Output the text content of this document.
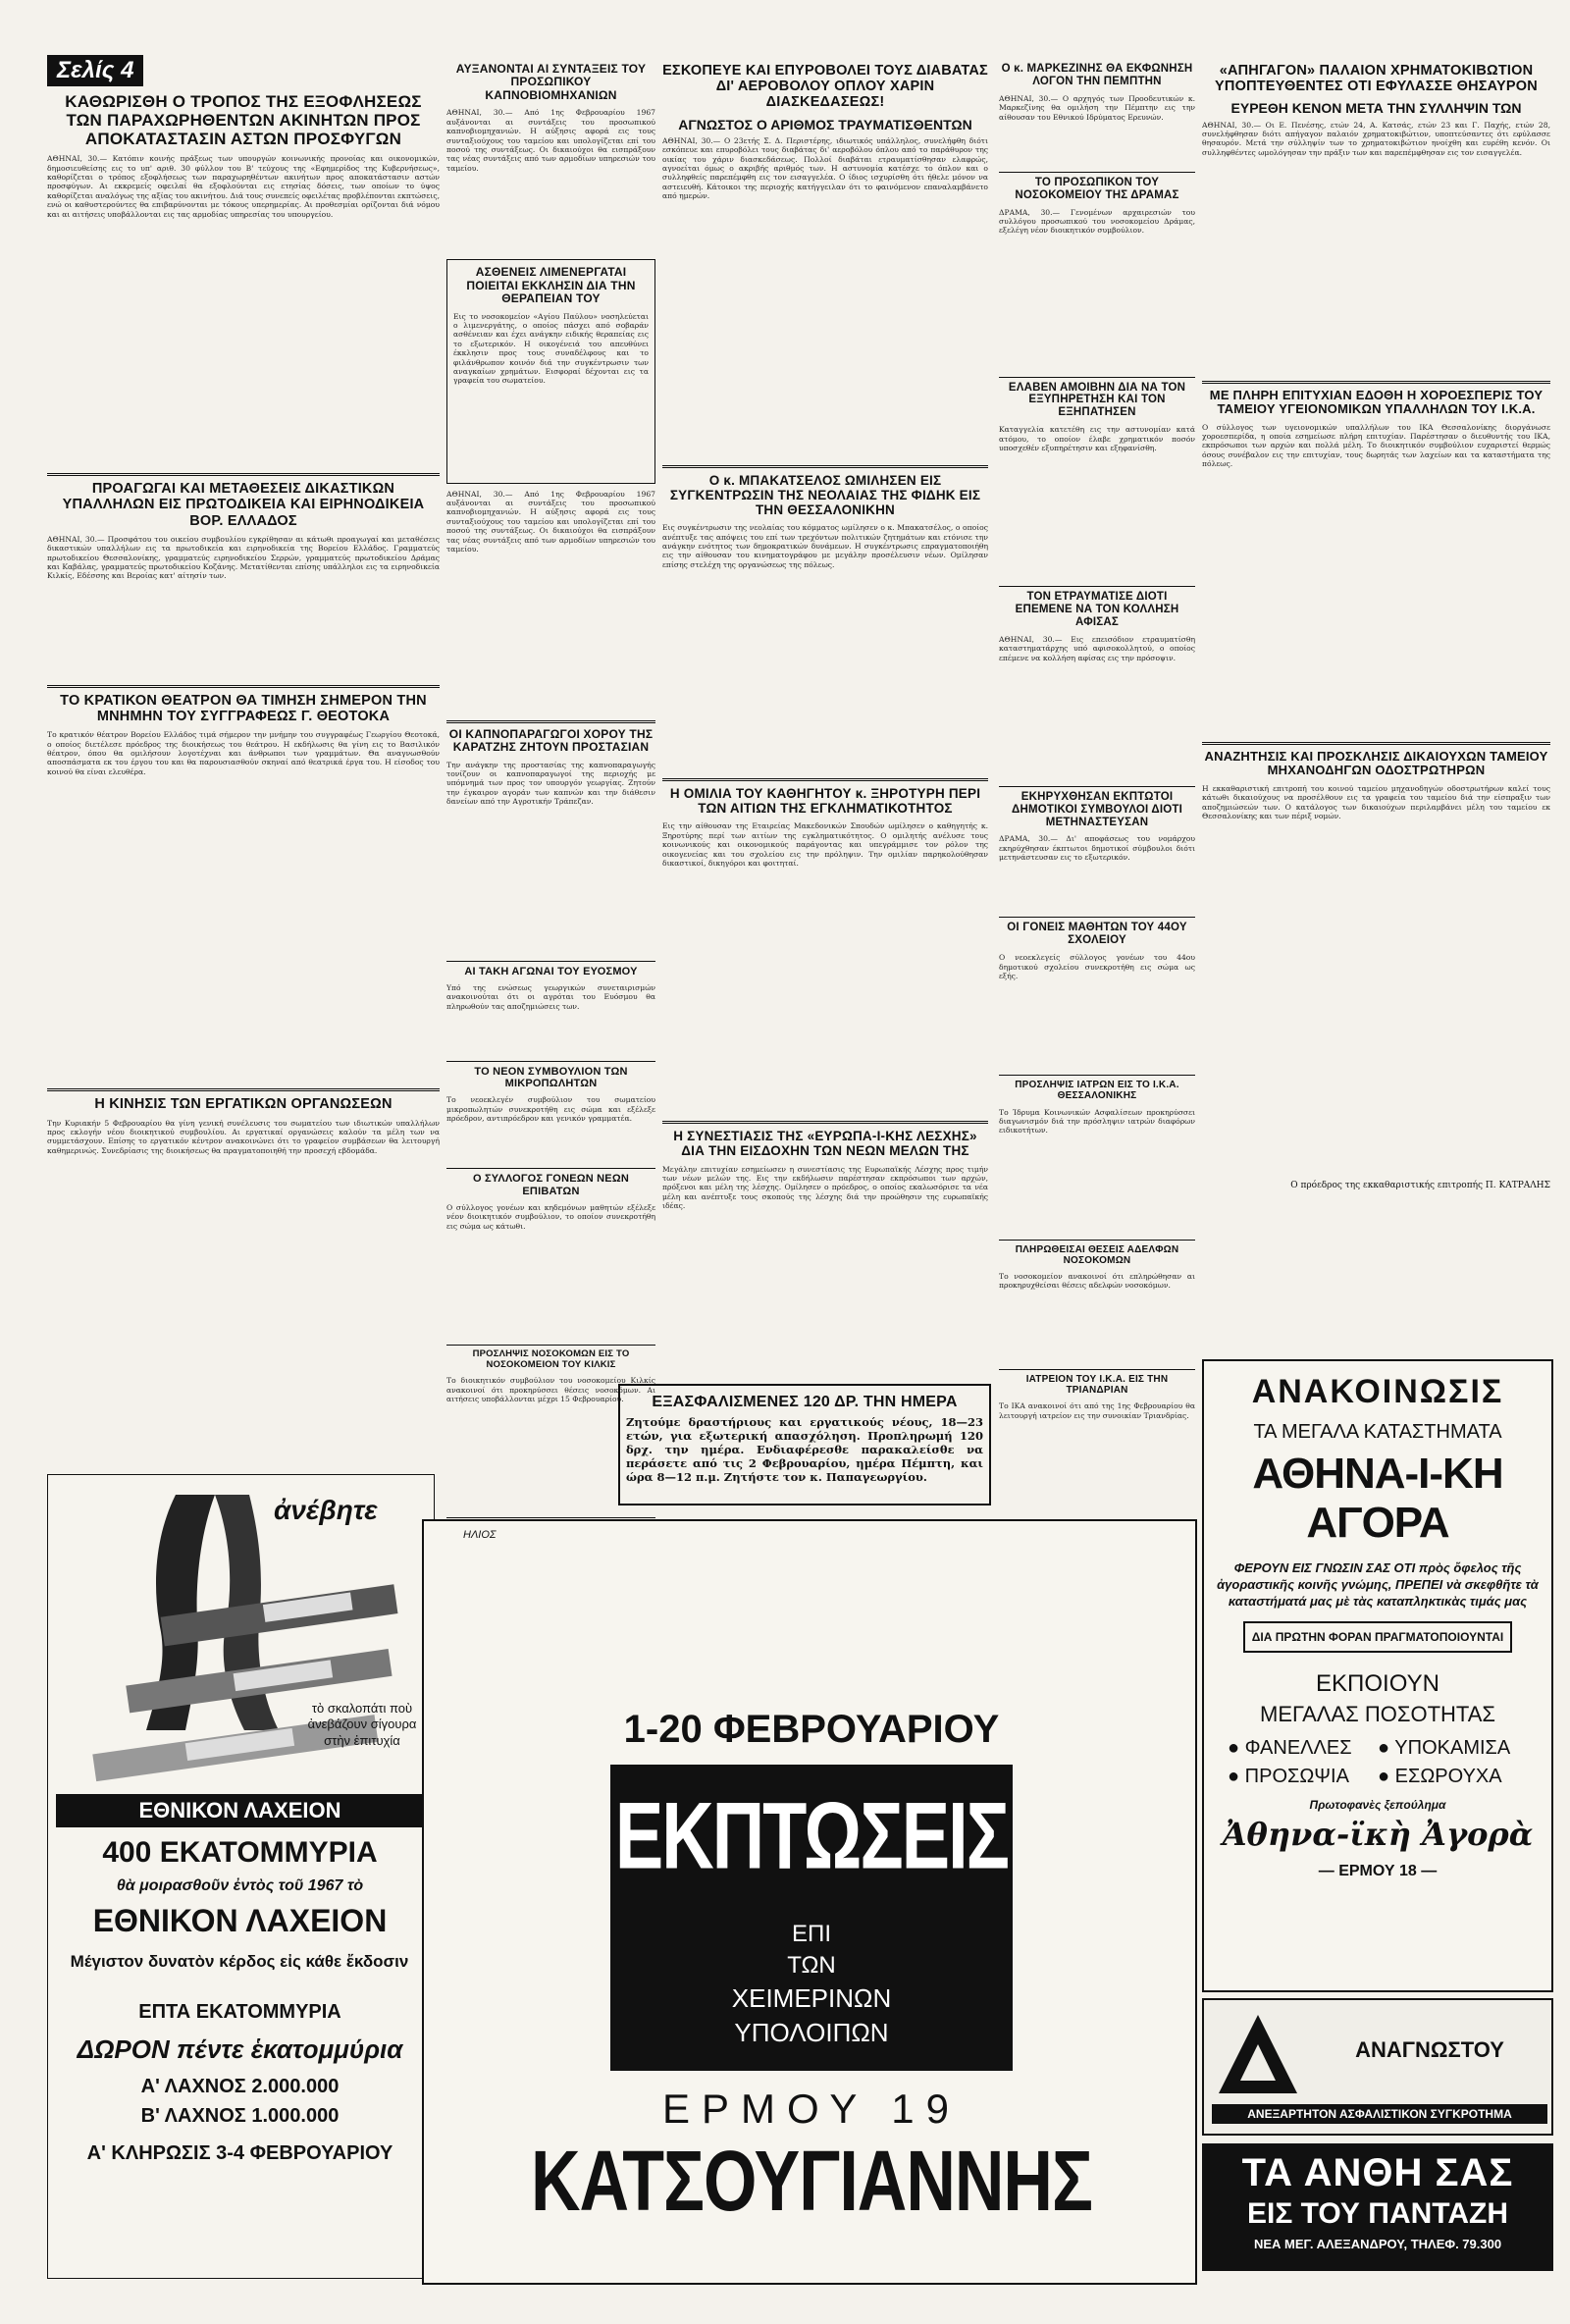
Σελίς 4
ΚΑΘΩΡΙΣΘΗ Ο ΤΡΟΠΟΣ ΤΗΣ ΕΞΟΦΛΗΣΕΩΣ ΤΩΝ ΠΑΡΑΧΩΡΗΘΕΝΤΩΝ ΑΚΙΝΗΤΩΝ ΠΡΟΣ ΑΠΟΚΑΤΑΣΤΑΣΙΝ ΑΣΤΩΝ ΠΡΟΣΦΥΓΩΝ
ΑΘΗΝΑΙ, 30.— Κατόπιν κοινής πράξεως των υπουργών κοινωνικής προνοίας και οικονομικών, δημοσιευθείσης εις το υπ' αριθ. 30 φύλλον του Β' τεύχους της «Εφημερίδος της Κυβερνήσεως», καθορίζεται ο τρόπος εξοφλήσεως των παραχωρηθέντων ακινήτων προς αποκατάστασιν αστών προσφύγων. Αι εκκρεμείς οφειλαί θα εξοφλούνται εις ετησίας δόσεις, των οποίων το ύψος καθορίζεται αναλόγως της αξίας του ακινήτου. Διά τους συνεπείς οφειλέτας προβλέπονται εκπτώσεις, ενώ οι καθυστερούντες θα επιβαρύνονται με τόκους υπερημερίας. Αι προθεσμίαι ορίζονται διά νόμου και αι αιτήσεις υποβάλλονται εις τας αρμοδίας υπηρεσίας του υπουργείου.
ΠΡΟΑΓΩΓΑΙ ΚΑΙ ΜΕΤΑΘΕΣΕΙΣ ΔΙΚΑΣΤΙΚΩΝ ΥΠΑΛΛΗΛΩΝ ΕΙΣ ΠΡΩΤΟΔΙΚΕΙΑ ΚΑΙ ΕΙΡΗΝΟΔΙΚΕΙΑ ΒΟΡ. ΕΛΛΑΔΟΣ
ΑΘΗΝΑΙ, 30.— Προσφάτου του οικείου συμβουλίου εγκρίθησαν αι κάτωθι προαγωγαί και μεταθέσεις δικαστικών υπαλλήλων εις τα πρωτοδικεία και ειρηνοδικεία της Βορείου Ελλάδος. Γραμματεύς πρωτοδικείου Θεσσαλονίκης, γραμματεύς ειρηνοδικείου Σερρών, γραμματεύς πρωτοδικείου Δράμας και Καβάλας, γραμματεύς πρωτοδικείου Κοζάνης. Μετατίθενται επίσης υπάλληλοι εις τα ειρηνοδικεία Κιλκίς, Εδέσσης και Βεροίας κατ' αίτησίν των.
ΤΟ ΚΡΑΤΙΚΟΝ ΘΕΑΤΡΟΝ ΘΑ ΤΙΜΗΣΗ ΣΗΜΕΡΟΝ ΤΗΝ ΜΝΗΜΗΝ ΤΟΥ ΣΥΓΓΡΑΦΕΩΣ Γ. ΘΕΟΤΟΚΑ
Το κρατικόν θέατρον Βορείου Ελλάδος τιμά σήμερον την μνήμην του συγγραφέως Γεωργίου Θεοτοκά, ο οποίος διετέλεσε πρόεδρος της διοικήσεως του θεάτρου. Η εκδήλωσις θα γίνη εις το Βασιλικόν θέατρον, όπου θα ομιλήσουν λογοτέχναι και άνθρωποι των γραμμάτων. Θα αναγνωσθούν αποσπάσματα εκ του έργου του και θα παρουσιασθούν σκηναί από θεατρικά έργα του. Η είσοδος του κοινού θα είναι ελευθέρα.
Η ΚΙΝΗΣΙΣ ΤΩΝ ΕΡΓΑΤΙΚΩΝ ΟΡΓΑΝΩΣΕΩΝ
Την Κυριακήν 5 Φεβρουαρίου θα γίνη γενική συνέλευσις του σωματείου των ιδιωτικών υπαλλήλων προς εκλογήν νέου διοικητικού συμβουλίου. Αι εργατικαί οργανώσεις καλούν τα μέλη των να συμμετάσχουν. Επίσης το εργατικόν κέντρον ανακοινώνει ότι το γραφείον συμβάσεων θα λειτουργή καθημερινώς. Συνεδρίασις της διοικήσεως θα πραγματοποιηθή την προσεχή εβδομάδα.
ἀνέβητε
τὸ σκαλοπάτι ποὺ ἀνεβάζουν σίγουρα στὴν ἐπιτυχία
ΕΘΝΙΚΟΝ ΛΑΧΕΙΟΝ
400 ΕΚΑΤΟΜΜΥΡΙΑ
θὰ μοιρασθοῦν ἐντὸς τοῦ 1967 τὸ
ΕΘΝΙΚΟΝ ΛΑΧΕΙΟΝ
Μέγιστον δυνατὸν κέρδος εἰς κάθε ἔκδοσιν
ΕΠΤΑ ΕΚΑΤΟΜΜΥΡΙΑ
ΔΩΡΟΝ πέντε ἑκατομμύρια
Α' ΛΑΧΝΟΣ 2.000.000
Β' ΛΑΧΝΟΣ 1.000.000
Α' ΚΛΗΡΩΣΙΣ 3-4 ΦΕΒΡΟΥΑΡΙΟΥ
ΑΥΞΑΝΟΝΤΑΙ ΑΙ ΣΥΝΤΑΞΕΙΣ ΤΟΥ ΠΡΟΣΩΠΙΚΟΥ ΚΑΠΝΟΒΙΟΜΗΧΑΝΙΩΝ
ΑΘΗΝΑΙ, 30.— Από 1ης Φεβρουαρίου 1967 αυξάνονται αι συντάξεις του προσωπικού καπνοβιομηχανιών. Η αύξησις αφορά εις τους συνταξιούχους του ταμείου και υπολογίζεται επί του ποσού της συντάξεως. Οι δικαιούχοι θα εισπράξουν τας νέας συντάξεις από των αρμοδίων υπηρεσιών του ταμείου.
ΑΣΘΕΝΕΙΣ ΛΙΜΕΝΕΡΓΑΤΑΙ ΠΟΙΕΙΤΑΙ ΕΚΚΛΗΣΙΝ ΔΙΑ ΤΗΝ ΘΕΡΑΠΕΙΑΝ ΤΟΥ
Εις το νοσοκομείον «Αγίου Παύλου» νοσηλεύεται ο λιμενεργάτης, ο οποίος πάσχει από σοβαράν ασθένειαν και έχει ανάγκην ειδικής θεραπείας εις το εξωτερικόν. Η οικογένειά του απευθύνει έκκλησιν προς τους συναδέλφους και το φιλάνθρωπον κοινόν διά την συγκέντρωσιν των αναγκαίων χρημάτων. Εισφοραί δέχονται εις τα γραφεία του σωματείου.
ΑΘΗΝΑΙ, 30.— Από 1ης Φεβρουαρίου 1967 αυξάνονται αι συντάξεις του προσωπικού καπνοβιομηχανιών. Η αύξησις αφορά εις τους συνταξιούχους του ταμείου και υπολογίζεται επί του ποσού της συντάξεως. Οι δικαιούχοι θα εισπράξουν τας νέας συντάξεις από των αρμοδίων υπηρεσιών του ταμείου.
ΟΙ ΚΑΠΝΟΠΑΡΑΓΩΓΟΙ ΧΟΡΟΥ ΤΗΣ ΚΑΡΑΤΖΗΣ ΖΗΤΟΥΝ ΠΡΟΣΤΑΣΙΑΝ
Την ανάγκην της προστασίας της καπνοπαραγωγής τονίζουν οι καπνοπαραγωγοί της περιοχής με υπόμνημά των προς τον υπουργόν γεωργίας. Ζητούν την έγκαιρον αγοράν των καπνών και την διάθεσιν δανείων από την Αγροτικήν Τράπεζαν.
ΑΙ ΤΑΚΗ ΑΓΩΝΑΙ ΤΟΥ ΕΥΟΣΜΟΥ
Υπό της ενώσεως γεωργικών συνεταιρισμών ανακοινούται ότι οι αγρόται του Ευόσμου θα πληρωθούν τας αποζημιώσεις των.
ΤΟ ΝΕΟΝ ΣΥΜΒΟΥΛΙΟΝ ΤΩΝ ΜΙΚΡΟΠΩΛΗΤΩΝ
Το νεοεκλεγέν συμβούλιον του σωματείου μικροπωλητών συνεκροτήθη εις σώμα και εξέλεξε πρόεδρον, αντιπρόεδρον και γενικόν γραμματέα.
Ο ΣΥΛΛΟΓΟΣ ΓΟΝΕΩΝ ΝΕΩΝ ΕΠΙΒΑΤΩΝ
Ο σύλλογος γονέων και κηδεμόνων μαθητών εξέλεξε νέον διοικητικόν συμβούλιον, το οποίον συνεκροτήθη εις σώμα ως κάτωθι.
ΠΡΟΣΛΗΨΙΣ ΝΟΣΟΚΟΜΩΝ ΕΙΣ ΤΟ ΝΟΣΟΚΟΜΕΙΟΝ ΤΟΥ ΚΙΛΚΙΣ
Το διοικητικόν συμβούλιον του νοσοκομείου Κιλκίς ανακοινοί ότι προκηρύσσει θέσεις νοσοκόμων. Αι αιτήσεις υποβάλλονται μέχρι 15 Φεβρουαρίου.
ΕΣΚΟΠΕΥΕ ΚΑΙ ΕΠΥΡΟΒΟΛΕΙ ΤΟΥΣ ΔΙΑΒΑΤΑΣ ΔΙ' ΑΕΡΟΒΟΛΟΥ ΟΠΛΟΥ ΧΑΡΙΝ ΔΙΑΣΚΕΔΑΣΕΩΣ!
ΑΓΝΩΣΤΟΣ Ο ΑΡΙΘΜΟΣ ΤΡΑΥΜΑΤΙΣΘΕΝΤΩΝ
ΑΘΗΝΑΙ, 30.— Ο 23ετής Σ. Δ. Περιστέρης, ιδιωτικός υπάλληλος, συνελήφθη διότι εσκόπευε και επυροβόλει τους διαβάτας δι' αεροβόλου όπλου από το παράθυρον της οικίας του χάριν διασκεδάσεως. Πολλοί διαβάται ετραυματίσθησαν ελαφρώς, αγνοείται όμως ο ακριβής αριθμός των. Η αστυνομία κατέσχε το όπλον και ο συλληφθείς παρεπέμφθη εις τον εισαγγελέα. Ο ίδιος ισχυρίσθη ότι ήθελε μόνον να αστειευθή. Κάτοικοι της περιοχής κατήγγειλαν ότι το φαινόμενον επαναλαμβάνετο από ημερών.
Ο κ. ΜΠΑΚΑΤΣΕΛΟΣ ΩΜΙΛΗΣΕΝ ΕΙΣ ΣΥΓΚΕΝΤΡΩΣΙΝ ΤΗΣ ΝΕΟΛΑΙΑΣ ΤΗΣ ΦΙΔΗΚ ΕΙΣ ΤΗΝ ΘΕΣΣΑΛΟΝΙΚΗΝ
Εις συγκέντρωσιν της νεολαίας του κόμματος ωμίλησεν ο κ. Μπακατσέλος, ο οποίος ανέπτυξε τας απόψεις του επί των τρεχόντων πολιτικών ζητημάτων και ετόνισε την ανάγκην ενότητος των δημοκρατικών δυνάμεων. Η συγκέντρωσις επραγματοποιήθη εις την αίθουσαν του κινηματογράφου με μεγάλην προσέλευσιν νέων. Ομίλησαν επίσης στελέχη της οργανώσεως της πόλεως.
Η ΟΜΙΛΙΑ ΤΟΥ ΚΑΘΗΓΗΤΟΥ κ. ΞΗΡΟΤΥΡΗ ΠΕΡΙ ΤΩΝ ΑΙΤΙΩΝ ΤΗΣ ΕΓΚΛΗΜΑΤΙΚΟΤΗΤΟΣ
Εις την αίθουσαν της Εταιρείας Μακεδονικών Σπουδών ωμίλησεν ο καθηγητής κ. Ξηροτύρης περί των αιτίων της εγκληματικότητος. Ο ομιλητής ανέλυσε τους κοινωνικούς και οικονομικούς παράγοντας και υπεγράμμισε τον ρόλον της οικογενείας και του σχολείου εις την πρόληψιν. Την ομιλίαν παρηκολούθησαν δικαστικοί, δικηγόροι και φοιτηταί.
Η ΣΥΝΕΣΤΙΑΣΙΣ ΤΗΣ «ΕΥΡΩΠΑ-Ι-ΚΗΣ ΛΕΣΧΗΣ» ΔΙΑ ΤΗΝ ΕΙΣΔΟΧΗΝ ΤΩΝ ΝΕΩΝ ΜΕΛΩΝ ΤΗΣ
Μεγάλην επιτυχίαν εσημείωσεν η συνεστίασις της Ευρωπαϊκής Λέσχης προς τιμήν των νέων μελών της. Εις την εκδήλωσιν παρέστησαν εκπρόσωποι των αρχών, πρόξενοι και μέλη της λέσχης. Ομίλησεν ο πρόεδρος, ο οποίος εκαλωσόρισε τα νέα μέλη και ανέπτυξε τους σκοπούς της λέσχης διά την προώθησιν της ευρωπαϊκής ιδέας.
ΕΞΑΣΦΑΛΙΣΜΕΝΕΣ 120 ΔΡ. ΤΗΝ ΗΜΕΡΑ
Ζητούμε δραστήριους και εργατικούς νέους, 18—23 ετών, για εξωτερική απασχόληση. Προπληρωμή 120 δρχ. την ημέρα. Ενδιαφέρεσθε παρακαλείσθε να περάσετε από τις 2 Φεβρουαρίου, ημέρα Πέμπτη, και ώρα 8—12 π.μ. Ζητήστε τον κ. Παπαγεωργίου.
Ο κ. ΜΑΡΚΕΖΙΝΗΣ ΘΑ ΕΚΦΩΝΗΣΗ ΛΟΓΟΝ ΤΗΝ ΠΕΜΠΤΗΝ
ΑΘΗΝΑΙ, 30.— Ο αρχηγός των Προοδευτικών κ. Μαρκεζίνης θα ομιλήση την Πέμπτην εις την αίθουσαν του Εθνικού Ιδρύματος Ερευνών.
ΤΟ ΠΡΟΣΩΠΙΚΟΝ ΤΟΥ ΝΟΣΟΚΟΜΕΙΟΥ ΤΗΣ ΔΡΑΜΑΣ
ΔΡΑΜΑ, 30.— Γενομένων αρχαιρεσιών του συλλόγου προσωπικού του νοσοκομείου Δράμας, εξελέγη νέον διοικητικόν συμβούλιον.
ΕΛΑΒΕΝ ΑΜΟΙΒΗΝ ΔΙΑ ΝΑ ΤΟΝ ΕΞΥΠΗΡΕΤΗΣΗ ΚΑΙ ΤΟΝ ΕΞΗΠΑΤΗΣΕΝ
Καταγγελία κατετέθη εις την αστυνομίαν κατά ατόμου, το οποίον έλαβε χρηματικόν ποσόν υποσχεθέν εξυπηρέτησιν και εξηφανίσθη.
ΤΟΝ ΕΤΡΑΥΜΑΤΙΣΕ ΔΙΟΤΙ ΕΠΕΜΕΝΕ ΝΑ ΤΟΝ ΚΟΛΛΗΣΗ ΑΦΙΣΑΣ
ΑΘΗΝΑΙ, 30.— Εις επεισόδιον ετραυματίσθη καταστηματάρχης υπό αφισοκολλητού, ο οποίος επέμενε να κολλήση αφίσας εις την πρόσοψιν.
ΕΚΗΡΥΧΘΗΣΑΝ ΕΚΠΤΩΤΟΙ ΔΗΜΟΤΙΚΟΙ ΣΥΜΒΟΥΛΟΙ ΔΙΟΤΙ ΜΕΤΗΝΑΣΤΕΥΣΑΝ
ΔΡΑΜΑ, 30.— Δι' αποφάσεως του νομάρχου εκηρύχθησαν έκπτωτοι δημοτικοί σύμβουλοι διότι μετηνάστευσαν εις το εξωτερικόν.
ΟΙ ΓΟΝΕΙΣ ΜΑΘΗΤΩΝ ΤΟΥ 44ΟΥ ΣΧΟΛΕΙΟΥ
Ο νεοεκλεγείς σύλλογος γονέων του 44ου δημοτικού σχολείου συνεκροτήθη εις σώμα ως εξής.
ΠΡΟΣΛΗΨΙΣ ΙΑΤΡΩΝ ΕΙΣ ΤΟ Ι.Κ.Α. ΘΕΣΣΑΛΟΝΙΚΗΣ
Το Ίδρυμα Κοινωνικών Ασφαλίσεων προκηρύσσει διαγωνισμόν διά την πρόσληψιν ιατρών διαφόρων ειδικοτήτων.
ΠΛΗΡΩΘΕΙΣΑΙ ΘΕΣΕΙΣ ΑΔΕΛΦΩΝ ΝΟΣΟΚΟΜΩΝ
Το νοσοκομείον ανακοινοί ότι επληρώθησαν αι προκηρυχθείσαι θέσεις αδελφών νοσοκόμων.
ΙΑΤΡΕΙΟΝ ΤΟΥ Ι.Κ.Α. ΕΙΣ ΤΗΝ ΤΡΙΑΝΔΡΙΑΝ
Το ΙΚΑ ανακοινοί ότι από της 1ης Φεβρουαρίου θα λειτουργή ιατρείον εις την συνοικίαν Τριανδρίας.
«ΑΠΗΓΑΓΟΝ» ΠΑΛΑΙΟΝ ΧΡΗΜΑΤΟΚΙΒΩΤΙΟΝ ΥΠΟΠΤΕΥΘΕΝΤΕΣ ΟΤΙ ΕΦΥΛΑΣΣΕ ΘΗΣΑΥΡΟΝ
ΕΥΡΕΘΗ ΚΕΝΟΝ ΜΕΤΑ ΤΗΝ ΣΥΛΛΗΨΙΝ ΤΩΝ
ΑΘΗΝΑΙ, 30.— Οι Ε. Πενέσης, ετών 24, Α. Κατσάς, ετών 23 και Γ. Παχής, ετών 28, συνελήφθησαν διότι απήγαγον παλαιόν χρηματοκιβώτιον, υποπτεύσαντες ότι εφύλασσε θησαυρόν. Μετά την σύλληψίν των το χρηματοκιβώτιον ηνοίχθη και ευρέθη κενόν. Οι συλληφθέντες ωμολόγησαν την πράξιν των και παρεπέμφθησαν εις τον εισαγγελέα.
ΜΕ ΠΛΗΡΗ ΕΠΙΤΥΧΙΑΝ ΕΔΟΘΗ Η ΧΟΡΟΕΣΠΕΡΙΣ ΤΟΥ ΤΑΜΕΙΟΥ ΥΓΕΙΟΝΟΜΙΚΩΝ ΥΠΑΛΛΗΛΩΝ ΤΟΥ Ι.Κ.Α.
Ο σύλλογος των υγειονομικών υπαλλήλων του ΙΚΑ Θεσσαλονίκης διοργάνωσε χοροεσπερίδα, η οποία εσημείωσε πλήρη επιτυχίαν. Παρέστησαν ο διευθυντής του ΙΚΑ, εκπρόσωποι των αρχών και πολλά μέλη. Το διοικητικόν συμβούλιον ευχαριστεί θερμώς όσους συνέβαλον εις την επιτυχίαν, τους δωρητάς των λαχείων και τα καταστήματα της πόλεως.
ΑΝΑΖΗΤΗΣΙΣ ΚΑΙ ΠΡΟΣΚΛΗΣΙΣ ΔΙΚΑΙΟΥΧΩΝ ΤΑΜΕΙΟΥ ΜΗΧΑΝΟΔΗΓΩΝ ΟΔΟΣΤΡΩΤΗΡΩΝ
Η εκκαθαριστική επιτροπή του κοινού ταμείου μηχανοδηγών οδοστρωτήρων καλεί τους κάτωθι δικαιούχους να προσέλθουν εις τα γραφεία του ταμείου διά την είσπραξιν των αποζημιώσεών των. Ο κατάλογος των δικαιούχων περιλαμβάνει μέλη του ταμείου εκ Θεσσαλονίκης και των πέριξ νομών.
Ο πρόεδρος της εκκαθαριστικής επιτροπής Π. ΚΑΤΡΑΛΗΣ
ΑΝΑΚΟΙΝΩΣΙΣ
ΤΑ ΜΕΓΑΛΑ ΚΑΤΑΣΤΗΜΑΤΑ
ΑΘΗΝΑ-Ι-ΚΗ ΑΓΟΡΑ
ΦΕΡΟΥΝ ΕΙΣ ΓΝΩΣΙΝ ΣΑΣ ΟΤΙ πρὸς ὄφελος τῆς ἀγοραστικῆς κοινῆς γνώμης, ΠΡΕΠΕΙ νὰ σκεφθῆτε τὰ καταστήματά μας μὲ τὰς καταπληκτικὰς τιμάς μας
ΔΙΑ ΠΡΩΤΗΝ ΦΟΡΑΝ ΠΡΑΓΜΑΤΟΠΟΙΟΥΝΤΑΙ
ΕΚΠΟΙΟΥΝ
ΜΕΓΑΛΑΣ ΠΟΣΟΤΗΤΑΣ
● ΦΑΝΕΛΛΕΣ	● ΥΠΟΚΑΜΙΣΑ
● ΠΡΟΣΩΨΙΑ	● ΕΣΩΡΟΥΧΑ
Πρωτοφανὲς ξεπούλημα
Ἀθηνα-ϊκὴ Ἀγορὰ
— ΕΡΜΟΥ 18 —
ΑΝΑΓΝΩΣΤΟΥ
ΑΝΕΞΑΡΤΗΤΟΝ ΑΣΦΑΛΙΣΤΙΚΟΝ ΣΥΓΚΡΟΤΗΜΑ
ΤΑ ΑΝΘΗ ΣΑΣ
ΕΙΣ ΤΟΥ ΠΑΝΤΑΖΗ
ΝΕΑ ΜΕΓ. ΑΛΕΞΑΝΔΡΟΥ, ΤΗΛΕΦ. 79.300
ΗΛΙΟΣ
1-20 ΦΕΒΡΟΥΑΡΙΟΥ
ΕΚΠΤΩΣΕΙΣ
ΕΠΙ
ΤΩΝ
ΧΕΙΜΕΡΙΝΩΝ
ΥΠΟΛΟΙΠΩΝ
ΕΡΜΟΥ 19
ΚΑΤΣΟΥΓΙΑΝΝΗΣ
